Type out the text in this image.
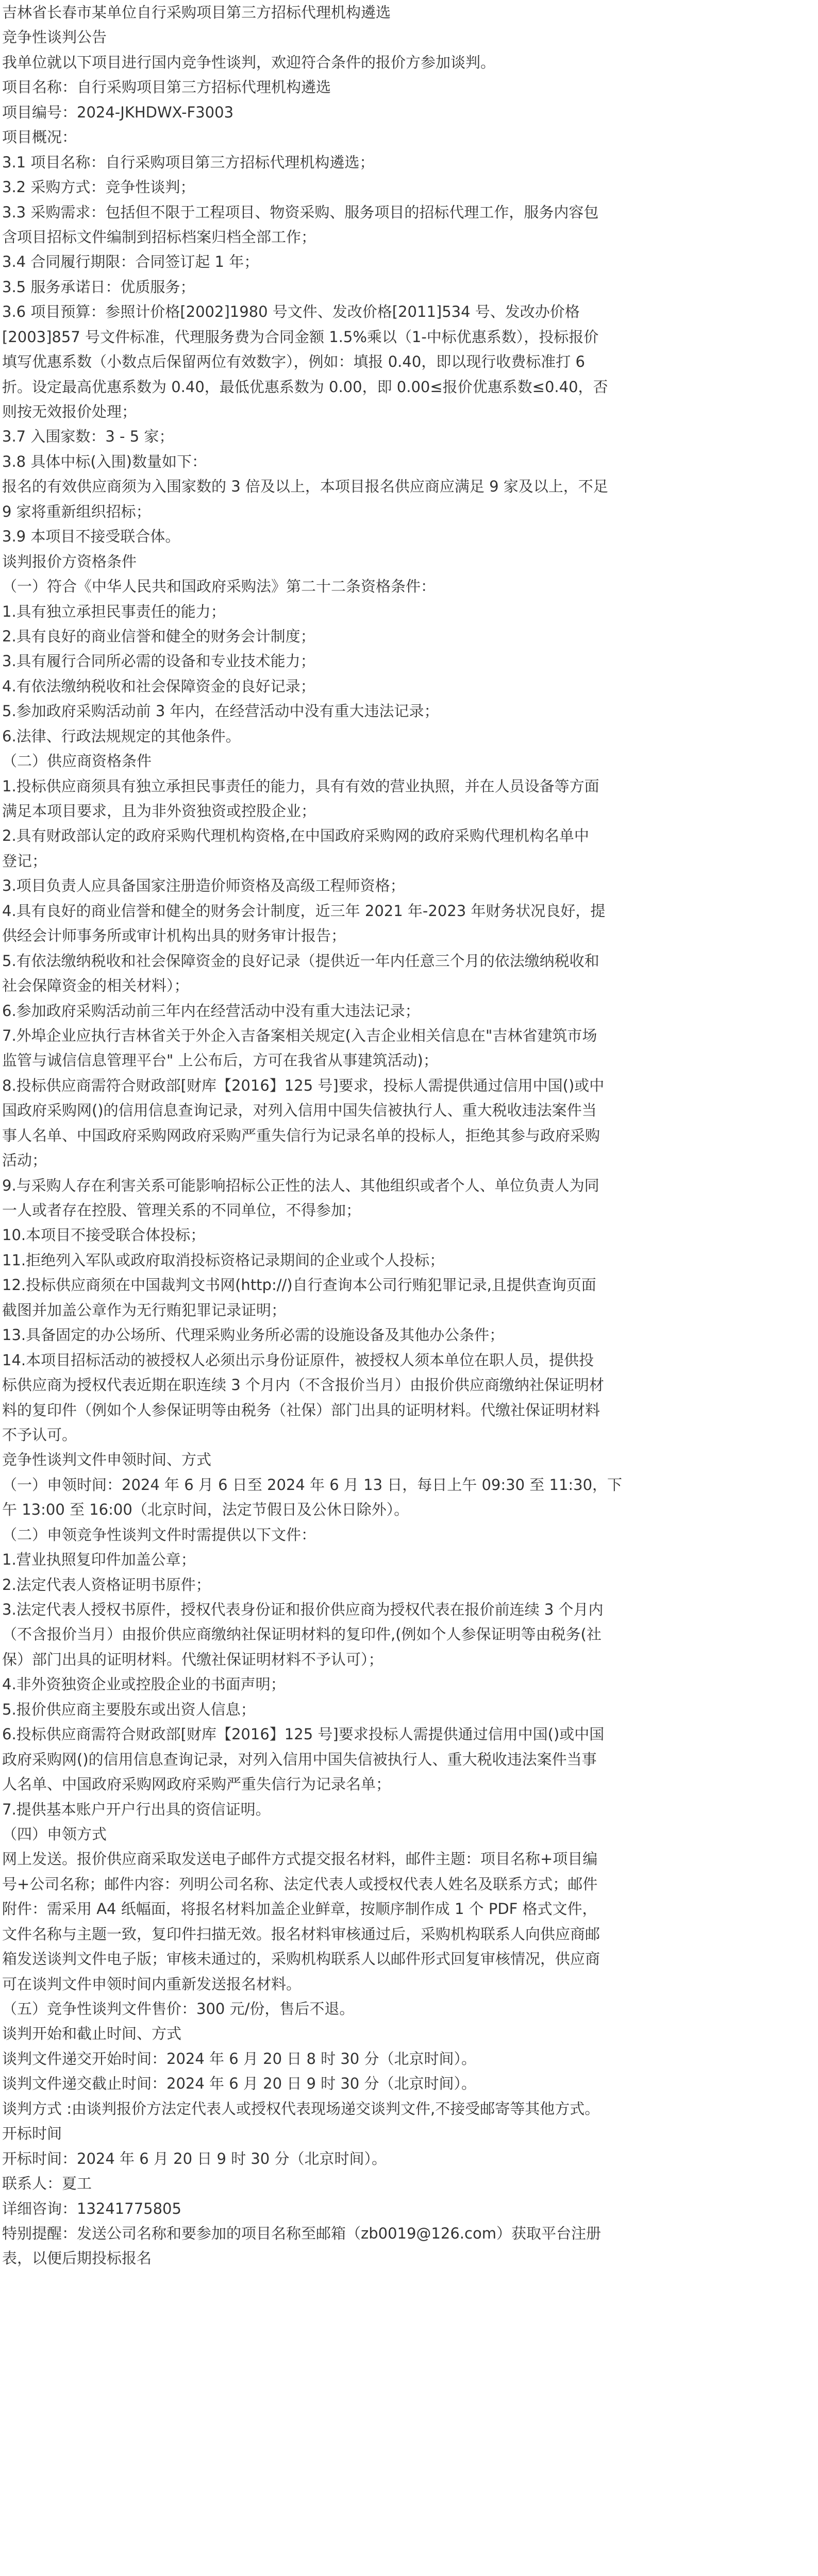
吉林省长春市某单位自行采购项目第三方招标代理机构遴选

竞争性谈判公告

我单位就以下项目进行国内竞争性谈判，欢迎符合条件的报价方参加谈判。

项目名称：自行采购项目第三方招标代理机构遴选

项目编号：2024-JKHDWX-F3003

项目概况：

3.1 项目名称：自行采购项目第三方招标代理机构遴选；

3.2 采购方式：竞争性谈判；

3.3 采购需求：包括但不限于工程项目、物资采购、服务项目的招标代理工作，服务内容包

含项目招标文件编制到招标档案归档全部工作；

3.4 合同履行期限：合同签订起 1 年；

3.5 服务承诺日：优质服务；

3.6 项目预算：参照计价格[2002]1980 号文件、发改价格[2011]534 号、发改办价格

[2003]857 号文件标准，代理服务费为合同金额 1.5%乘以（1-中标优惠系数），投标报价

填写优惠系数（小数点后保留两位有效数字），例如：填报 0.40，即以现行收费标准打 6

折。设定最高优惠系数为 0.40，最低优惠系数为 0.00，即 0.00≤报价优惠系数≤0.40，否

则按无效报价处理；

3.7 入围家数：3 - 5 家；

3.8 具体中标(入围)数量如下：

报名的有效供应商须为入围家数的 3 倍及以上，本项目报名供应商应满足 9 家及以上，不足

9 家将重新组织招标；

3.9 本项目不接受联合体。

谈判报价方资格条件

（一）符合《中华人民共和国政府采购法》第二十二条资格条件：

1.具有独立承担民事责任的能力；

2.具有良好的商业信誉和健全的财务会计制度；

3.具有履行合同所必需的设备和专业技术能力；

4.有依法缴纳税收和社会保障资金的良好记录；

5.参加政府采购活动前 3 年内，在经营活动中没有重大违法记录；

6.法律、行政法规规定的其他条件。

（二）供应商资格条件

1.投标供应商须具有独立承担民事责任的能力，具有有效的营业执照，并在人员设备等方面

满足本项目要求，且为非外资独资或控股企业；

2.具有财政部认定的政府采购代理机构资格,在中国政府采购网的政府采购代理机构名单中

登记；

3.项目负责人应具备国家注册造价师资格及高级工程师资格；

4.具有良好的商业信誉和健全的财务会计制度，近三年 2021 年-2023 年财务状况良好，提

供经会计师事务所或审计机构出具的财务审计报告；

5.有依法缴纳税收和社会保障资金的良好记录（提供近一年内任意三个月的依法缴纳税收和

社会保障资金的相关材料）；

6.参加政府采购活动前三年内在经营活动中没有重大违法记录；

7.外埠企业应执行吉林省关于外企入吉备案相关规定(入吉企业相关信息在"吉林省建筑市场

监管与诚信信息管理平台" 上公布后，方可在我省从事建筑活动)；

8.投标供应商需符合财政部[财库【2016】125 号]要求，投标人需提供通过信用中国()或中

国政府采购网()的信用信息查询记录，对列入信用中国失信被执行人、重大税收违法案件当

事人名单、中国政府采购网政府采购严重失信行为记录名单的投标人，拒绝其参与政府采购

活动；

9.与采购人存在利害关系可能影响招标公正性的法人、其他组织或者个人、单位负责人为同

一人或者存在控股、管理关系的不同单位，不得参加；

10.本项目不接受联合体投标；

11.拒绝列入军队或政府取消投标资格记录期间的企业或个人投标；

12.投标供应商须在中国裁判文书网(http://)自行查询本公司行贿犯罪记录,且提供查询页面

截图并加盖公章作为无行贿犯罪记录证明；

13.具备固定的办公场所、代理采购业务所必需的设施设备及其他办公条件；

14.本项目招标活动的被授权人必须出示身份证原件，被授权人须本单位在职人员，提供投

标供应商为授权代表近期在职连续 3 个月内（不含报价当月）由报价供应商缴纳社保证明材

料的复印件（例如个人参保证明等由税务（社保）部门出具的证明材料。代缴社保证明材料

不予认可。

竞争性谈判文件申领时间、方式

（一）申领时间：2024 年 6 月 6 日至 2024 年 6 月 13 日，每日上午 09:30 至 11:30，下

午 13:00 至 16:00（北京时间，法定节假日及公休日除外）。

（二）申领竞争性谈判文件时需提供以下文件：

1.营业执照复印件加盖公章；

2.法定代表人资格证明书原件；

3.法定代表人授权书原件，授权代表身份证和报价供应商为授权代表在报价前连续 3 个月内

（不含报价当月）由报价供应商缴纳社保证明材料的复印件,(例如个人参保证明等由税务(社

保）部门出具的证明材料。代缴社保证明材料不予认可）；

4.非外资独资企业或控股企业的书面声明；

5.报价供应商主要股东或出资人信息；

6.投标供应商需符合财政部[财库【2016】125 号]要求投标人需提供通过信用中国()或中国

政府采购网()的信用信息查询记录，对列入信用中国失信被执行人、重大税收违法案件当事

人名单、中国政府采购网政府采购严重失信行为记录名单；

7.提供基本账户开户行出具的资信证明。

（四）申领方式

网上发送。报价供应商采取发送电子邮件方式提交报名材料，邮件主题：项目名称+项目编

号+公司名称；邮件内容：列明公司名称、法定代表人或授权代表人姓名及联系方式；邮件

附件：需采用 A4 纸幅面，将报名材料加盖企业鲜章，按顺序制作成 1 个 PDF 格式文件，

文件名称与主题一致，复印件扫描无效。报名材料审核通过后，采购机构联系人向供应商邮

箱发送谈判文件电子版；审核未通过的，采购机构联系人以邮件形式回复审核情况，供应商

可在谈判文件申领时间内重新发送报名材料。

（五）竞争性谈判文件售价：300 元/份，售后不退。

谈判开始和截止时间、方式

谈判文件递交开始时间：2024 年 6 月 20 日 8 时 30 分（北京时间）。

谈判文件递交截止时间：2024 年 6 月 20 日 9 时 30 分（北京时间）。

谈判方式 :由谈判报价方法定代表人或授权代表现场递交谈判文件,不接受邮寄等其他方式。

开标时间

开标时间：2024 年 6 月 20 日 9 时 30 分（北京时间）。

联系人：夏工

详细咨询：13241775805

特别提醒：发送公司名称和要参加的项目名称至邮箱（zb0019@126.com）获取平台注册

表，以便后期投标报名
